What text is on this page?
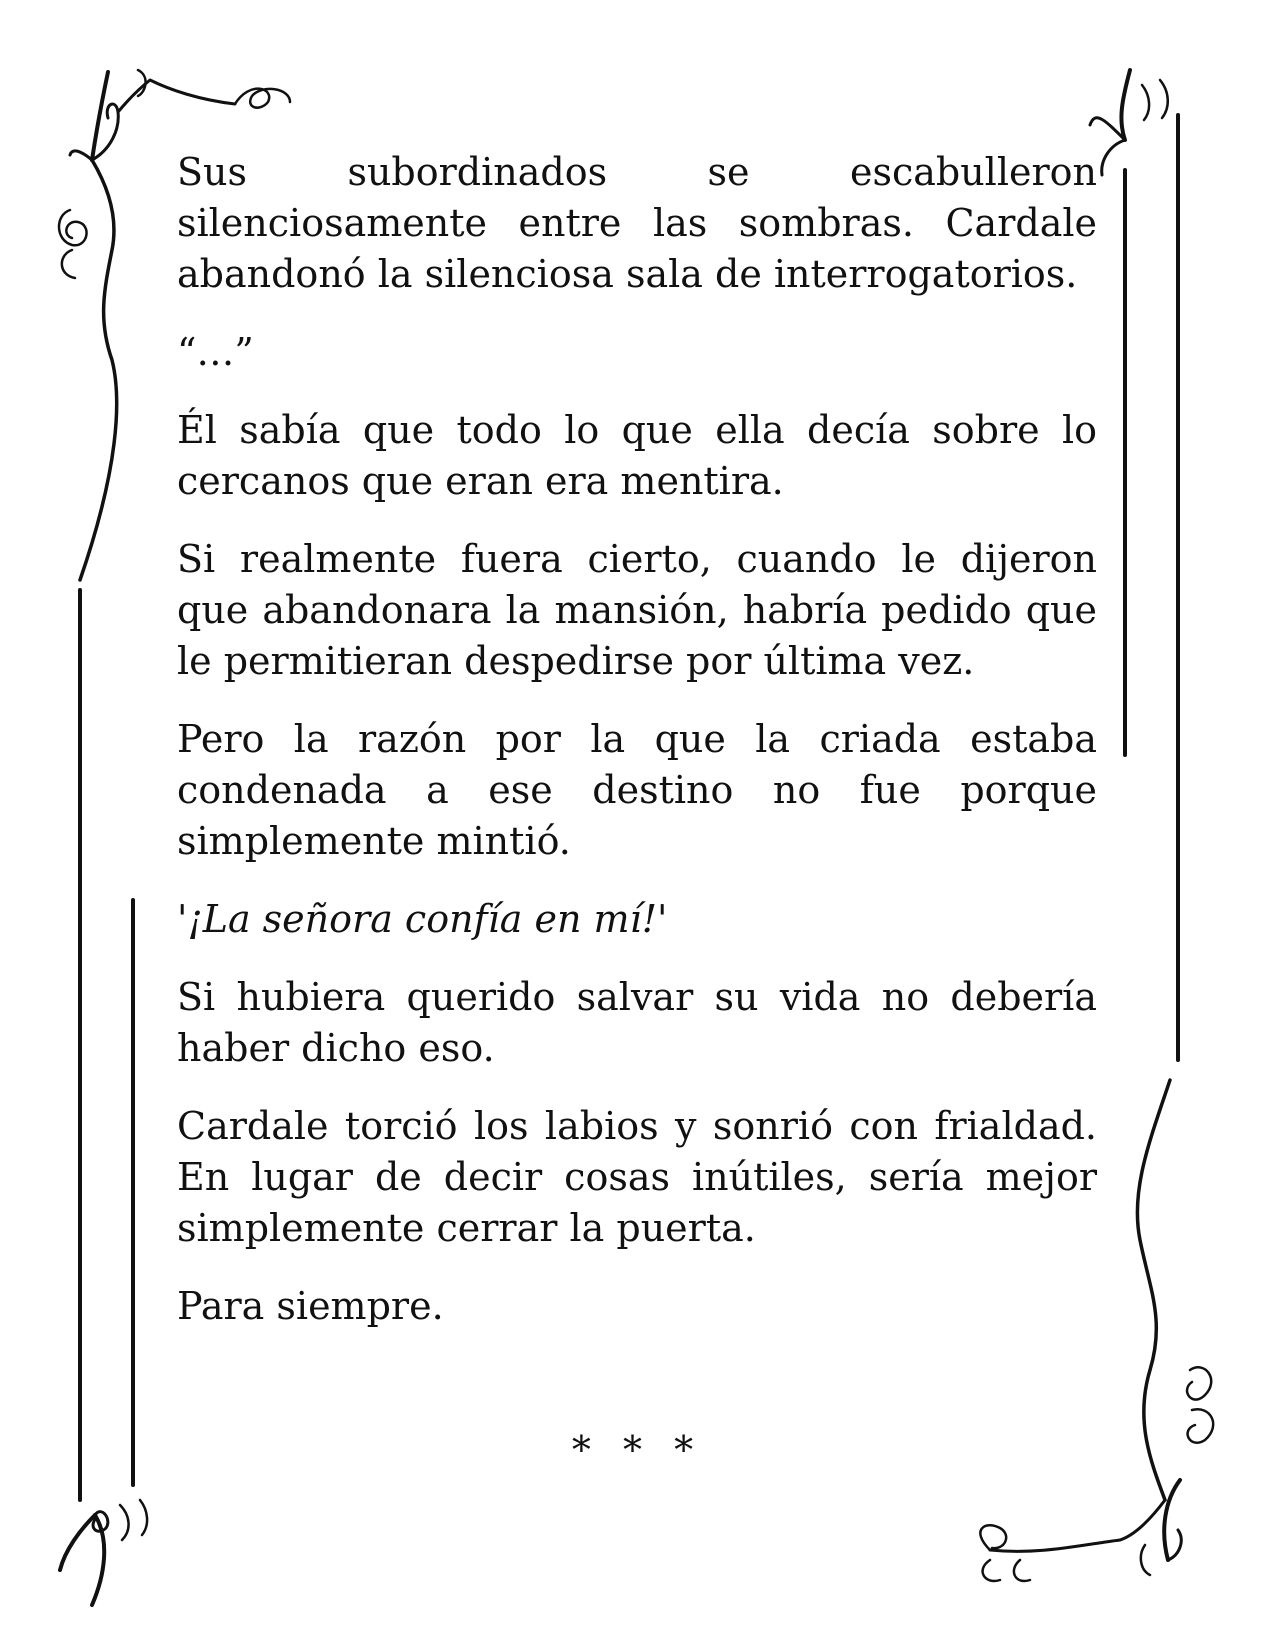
Sus subordinados se escabulleron silenciosamente entre las sombras. Cardale abandonó la silenciosa sala de interrogatorios.

“…”

Él sabía que todo lo que ella decía sobre lo cercanos que eran era mentira.

Si realmente fuera cierto, cuando le dijeron que abandonara la mansión, habría pedido que le permitieran despedirse por última vez.

Pero la razón por la que la criada estaba condenada a ese destino no fue porque simplemente mintió.

'¡La señora confía en mí!'

Si hubiera querido salvar su vida no debería haber dicho eso.

Cardale torció los labios y sonrió con frialdad. En lugar de decir cosas inútiles, sería mejor simplemente cerrar la puerta.

Para siempre.

* * *
